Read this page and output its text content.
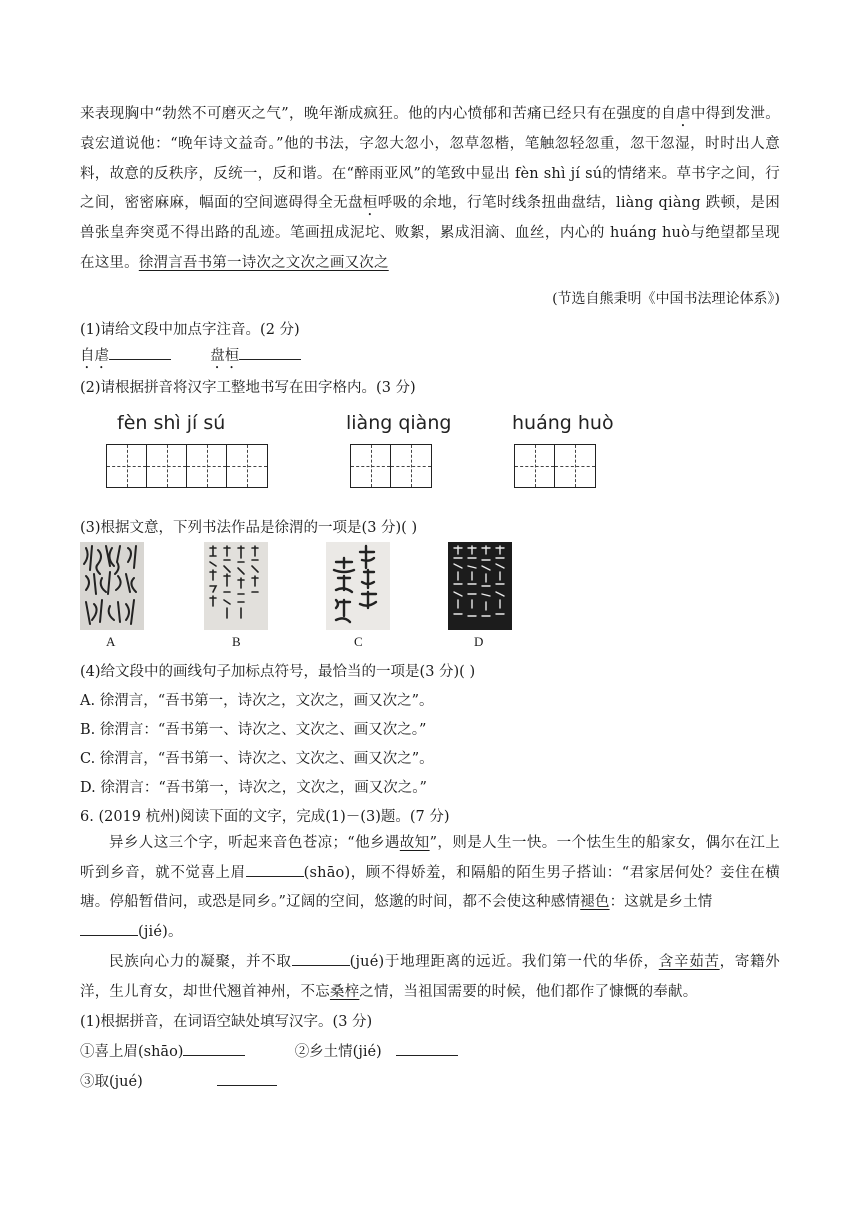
来表现胸中“勃然不可磨灭之气”，晚年渐成疯狂。他的内心愤郁和苦痛已经只有在强度的自虐中得到发泄。袁宏道说他：“晚年诗文益奇。”他的书法，字忽大忽小，忽草忽楷，笔触忽轻忽重，忽干忽湿，时时出人意料，故意的反秩序，反统一，反和谐。在“醉雨亚风”的笔致中显出 fèn shì jí sú的情绪来。草书字之间，行之间，密密麻麻，幅面的空间遮碍得全无盘桓呼吸的余地，行笔时线条扭曲盘结，liàng qiàng 跌顿，是困兽张皇奔突觅不得出路的乱迹。笔画扭成泥坨、败絮，累成泪滴、血丝，内心的 huáng huò与绝望都呈现在这里。徐渭言吾书第一诗次之文次之画又次之
(节选自熊秉明《中国书法理论体系》)
(1)请给文段中加点字注音。(2 分)
自虐	盘桓
(2)请根据拼音将汉字工整地书写在田字格内。(3 分)
fèn shì jí sú	liàng qiàng	huáng huò
(3)根据文意，下列书法作品是徐渭的一项是(3 分)( )
A	B	C	D
(4)给文段中的画线句子加标点符号，最恰当的一项是(3 分)( )
A. 徐渭言，“吾书第一，诗次之，文次之，画又次之”。
B. 徐渭言：“吾书第一、诗次之、文次之、画又次之。”
C. 徐渭言，“吾书第一、诗次之、文次之、画又次之”。
D. 徐渭言：“吾书第一，诗次之，文次之，画又次之。”
6. (2019 杭州)阅读下面的文字，完成(1)－(3)题。(7 分)
异乡人这三个字，听起来音色苍凉；“他乡遇故知”，则是人生一快。一个怯生生的船家女，偶尔在江上听到乡音，就不觉喜上眉	(shāo)，顾不得娇羞，和隔船的陌生男子搭讪：“君家居何处？妾住在横塘。停船暂借问，或恐是同乡。”辽阔的空间，悠邈的时间，都不会使这种感情褪色：这就是乡土情
(jié)。
民族向心力的凝聚，并不取	(jué)于地理距离的远近。我们第一代的华侨，含辛茹苦，寄籍外洋，生儿育女，却世代翘首神州，不忘桑梓之情，当祖国需要的时候，他们都作了慷慨的奉献。
(1)根据拼音，在词语空缺处填写汉字。(3 分)
①喜上眉(shāo)	②乡土情(jié)
③取(jué)
